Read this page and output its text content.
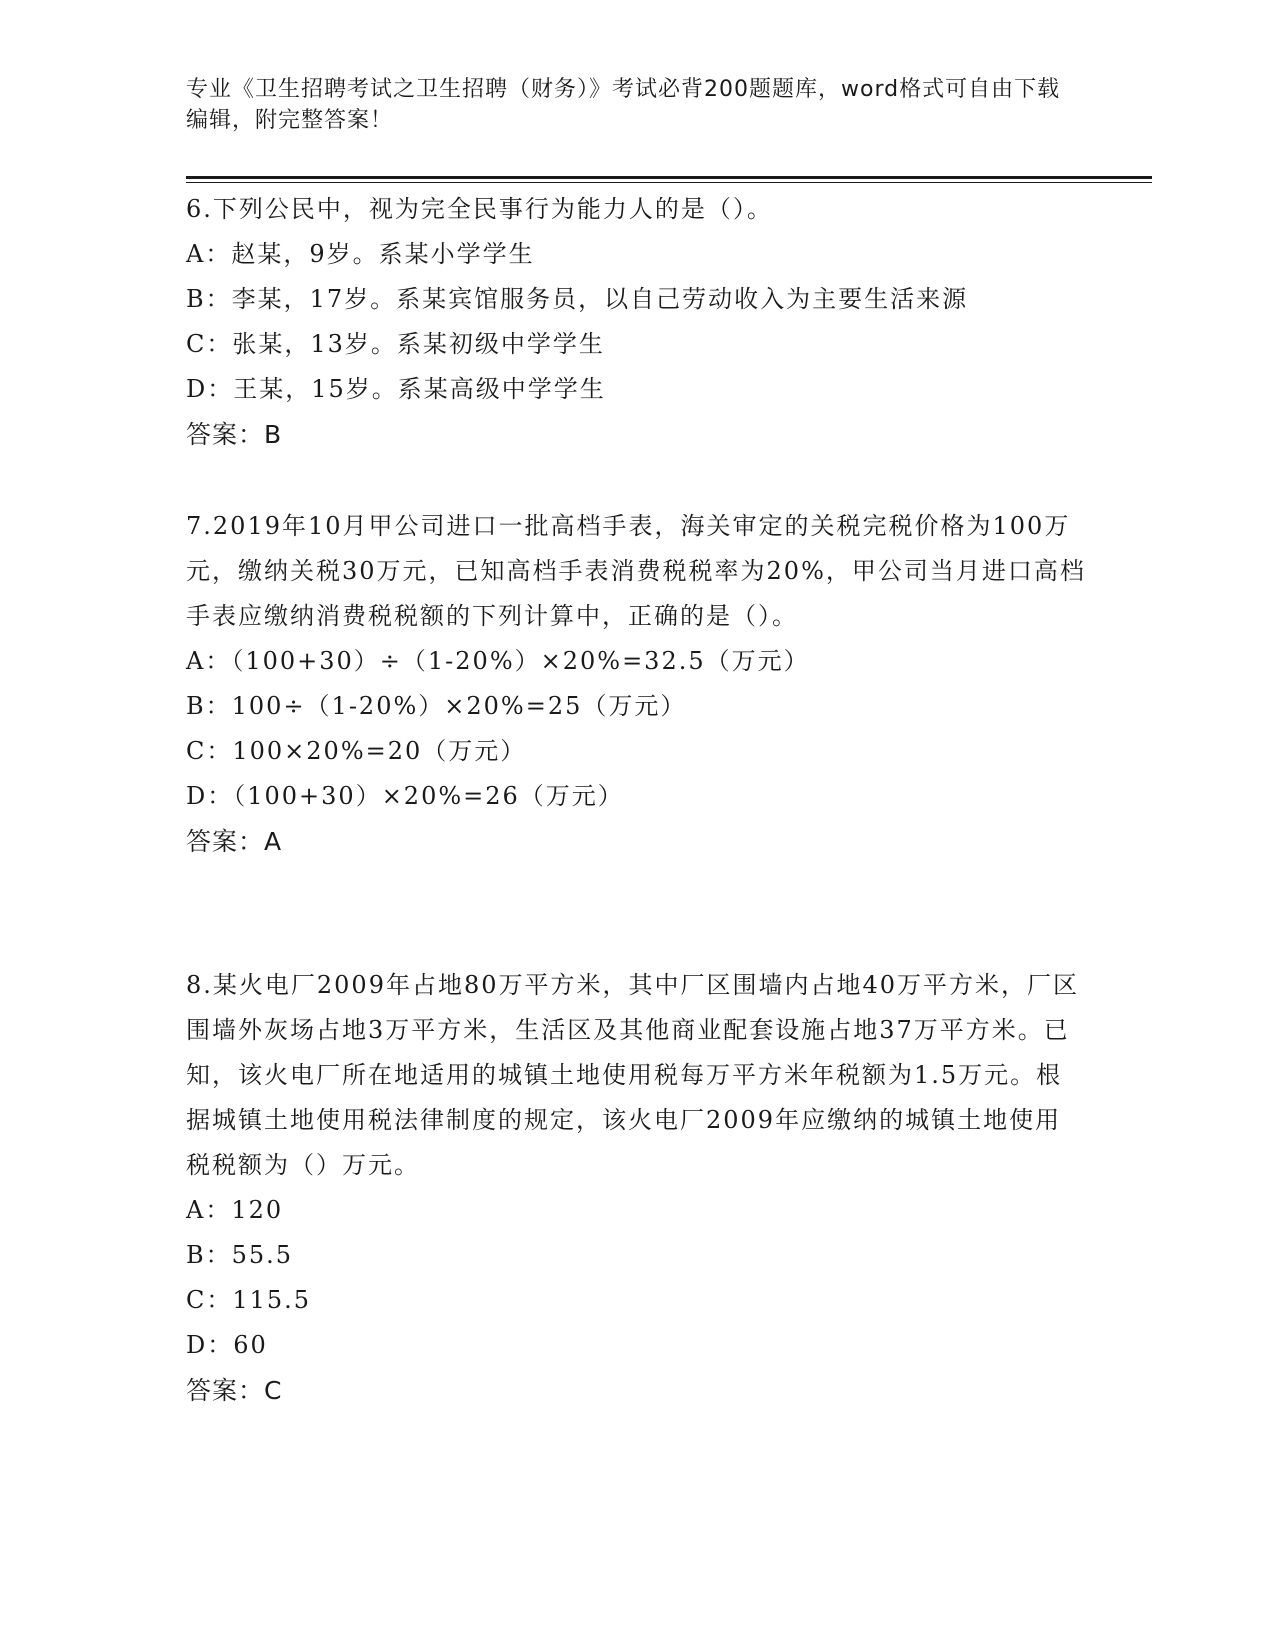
专业《卫生招聘考试之卫生招聘（财务）》考试必背200题题库，word格式可自由下载编辑，附完整答案！

6.下列公民中，视为完全民事行为能力人的是（）。

A：赵某，9岁。系某小学学生

B：李某，17岁。系某宾馆服务员，以自己劳动收入为主要生活来源

C：张某，13岁。系某初级中学学生

D：王某，15岁。系某高级中学学生

答案：B

7.2019年10月甲公司进口一批高档手表，海关审定的关税完税价格为100万元，缴纳关税30万元，已知高档手表消费税税率为20%，甲公司当月进口高档手表应缴纳消费税税额的下列计算中，正确的是（）。

A：（100+30）÷（1-20%）×20%=32.5（万元）

B：100÷（1-20%）×20%=25（万元）

C：100×20%=20（万元）

D：（100+30）×20%=26（万元）

答案：A

8.某火电厂2009年占地80万平方米，其中厂区围墙内占地40万平方米，厂区围墙外灰场占地3万平方米，生活区及其他商业配套设施占地37万平方米。已知，该火电厂所在地适用的城镇土地使用税每万平方米年税额为1.5万元。根据城镇土地使用税法律制度的规定，该火电厂2009年应缴纳的城镇土地使用税税额为（）万元。

A：120

B：55.5

C：115.5

D：60

答案：C
